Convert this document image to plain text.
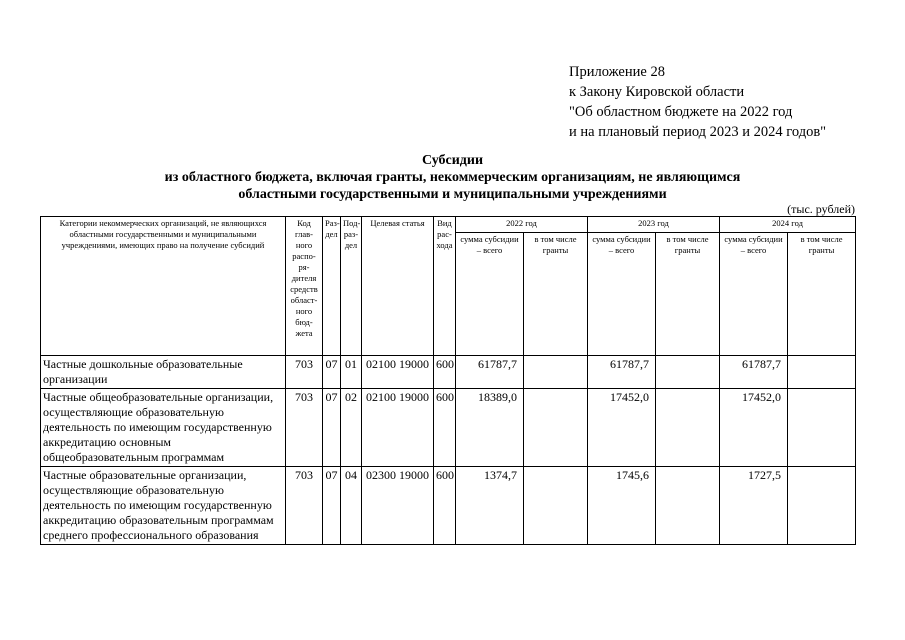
Приложение 28
к Закону Кировской области
"Об областном бюджете на 2022 год
и на плановый период 2023 и 2024 годов"
Субсидии
из областного бюджета, включая гранты, некоммерческим организациям, не являющимся
областными государственными и муниципальными учреждениями
(тыс. рублей)
Категории некоммерческих организаций, не являющихся областными государственными и муниципальными учреждениями, имеющих право на получение субсидий	Код глав- ного распо- ря- дителя средств област- ного бюд- жета	Раз- дел	Под- раз- дел	Целевая статья	Вид рас- хода	2022 год		2023 год		2024 год	
						сумма субсидии – всего	в том числе гранты	сумма субсидии – всего	в том числе гранты	сумма субсидии – всего	в том числе гранты
Частные дошкольные образовательные организации	703	07	01	02100 19000	600	61787,7		61787,7		61787,7	
Частные общеобразовательные организации, осуществляющие образовательную деятельность по имеющим государственную аккредитацию основным общеобразовательным программам	703	07	02	02100 19000	600	18389,0		17452,0		17452,0	
Частные образовательные организации, осуществляющие образовательную деятельность по имеющим государственную аккредитацию образовательным программам среднего профессионального образования	703	07	04	02300 19000	600	1374,7		1745,6		1727,5	
